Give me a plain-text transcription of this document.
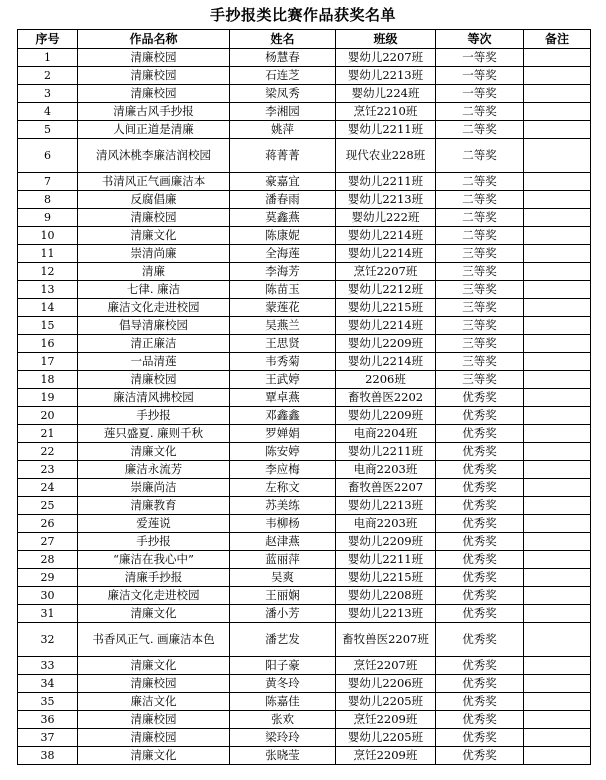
手抄报类比赛作品获奖名单
序号	作品名称	姓名	班级	等次	备注
1	清廉校园	杨慧春	婴幼儿2207班	一等奖	
2	清廉校园	石连芝	婴幼儿2213班	一等奖	
3	清廉校园	梁凤秀	婴幼儿224班	一等奖	
4	清廉古风手抄报	李湘园	烹饪2210班	二等奖	
5	人间正道是清廉	姚萍	婴幼儿2211班	二等奖	
6	清风沐桃李廉洁润校园	蒋菁菁	现代农业228班	二等奖	
7	书清风正气画廉洁本	豪嘉宜	婴幼儿2211班	二等奖	
8	反腐倡廉	潘春雨	婴幼儿2213班	二等奖	
9	清廉校园	莫鑫燕	婴幼儿222班	二等奖	
10	清廉文化	陈康妮	婴幼儿2214班	二等奖	
11	崇清尚廉	全海莲	婴幼儿2214班	三等奖	
12	清廉	李海芳	烹饪2207班	三等奖	
13	七律. 廉洁	陈苗玉	婴幼儿2212班	三等奖	
14	廉洁文化走进校园	蒙莲花	婴幼儿2215班	三等奖	
15	倡导清廉校园	吴燕兰	婴幼儿2214班	三等奖	
16	清正廉洁	王思贤	婴幼儿2209班	三等奖	
17	一品清莲	韦秀菊	婴幼儿2214班	三等奖	
18	清廉校园	王武婷	2206班	三等奖	
19	廉洁清风拂校园	覃卓燕	畜牧兽医2202	优秀奖	
20	手抄报	邓鑫鑫	婴幼儿2209班	优秀奖	
21	莲只盛夏. 廉则千秋	罗婵娟	电商2204班	优秀奖	
22	清廉文化	陈安婷	婴幼儿2211班	优秀奖	
23	廉洁永流芳	李应梅	电商2203班	优秀奖	
24	崇廉尚洁	左称文	畜牧兽医2207	优秀奖	
25	清廉教育	苏美练	婴幼儿2213班	优秀奖	
26	爱莲说	韦柳杨	电商2203班	优秀奖	
27	手抄报	赵津燕	婴幼儿2209班	优秀奖	
28	“廉洁在我心中”	蓝丽萍	婴幼儿2211班	优秀奖	
29	清廉手抄报	吴爽	婴幼儿2215班	优秀奖	
30	廉洁文化走进校园	王丽娴	婴幼儿2208班	优秀奖	
31	清廉文化	潘小芳	婴幼儿2213班	优秀奖	
32	书香风正气. 画廉洁本色	潘艺发	畜牧兽医2207班	优秀奖	
33	清廉文化	阳子豪	烹饪2207班	优秀奖	
34	清廉校园	黄冬玲	婴幼儿2206班	优秀奖	
35	廉洁文化	陈嘉佳	婴幼儿2205班	优秀奖	
36	清廉校园	张欢	烹饪2209班	优秀奖	
37	清廉校园	梁玲玲	婴幼儿2205班	优秀奖	
38	清廉文化	张晓莹	烹饪2209班	优秀奖	
